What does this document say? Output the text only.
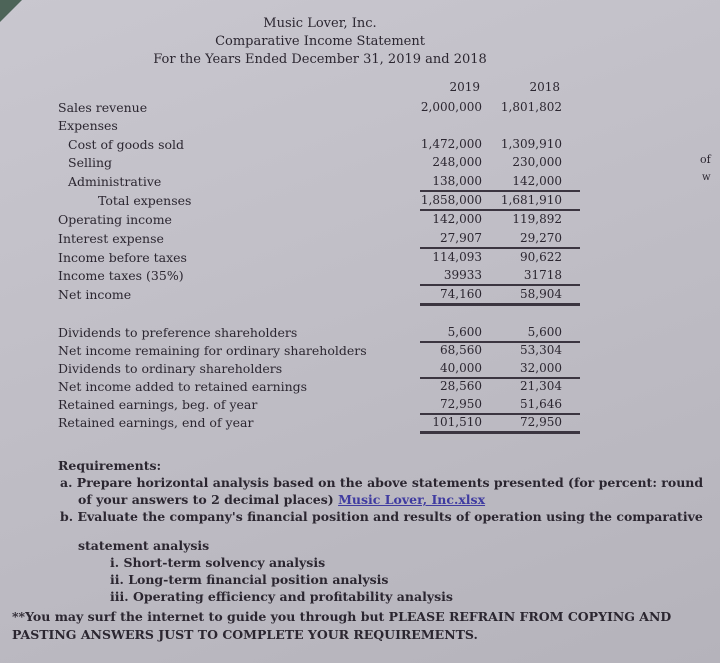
Music Lover, Inc.
Comparative Income Statement
For the Years Ended December 31, 2019 and 2018
2019	2018
Sales revenue	2,000,000	1,801,802
Expenses
Cost of goods sold	1,472,000	1,309,910
Selling	248,000	230,000
Administrative	138,000	142,000
Total expenses	1,858,000	1,681,910
Operating income	142,000	119,892
Interest expense	27,907	29,270
Income before taxes	114,093	90,622
Income taxes (35%)	39933	31718
Net income	74,160	58,904
Dividends to preference shareholders	5,600	5,600
Net income remaining for ordinary shareholders	68,560	53,304
Dividends to ordinary shareholders	40,000	32,000
Net income added to retained earnings	28,560	21,304
Retained earnings, beg. of year	72,950	51,646
Retained earnings, end of year	101,510	72,950
Requirements:
a. Prepare horizontal analysis based on the above statements presented (for percent: round
of your answers to 2 decimal places) Music Lover, Inc.xlsx
b. Evaluate the company's financial position and results of operation using the comparative
statement analysis
i. Short-term solvency analysis
ii. Long-term financial position analysis
iii. Operating efficiency and profitability analysis
**You may surf the internet to guide you through but PLEASE REFRAIN FROM COPYING AND
PASTING ANSWERS JUST TO COMPLETE YOUR REQUIREMENTS.
of
w
